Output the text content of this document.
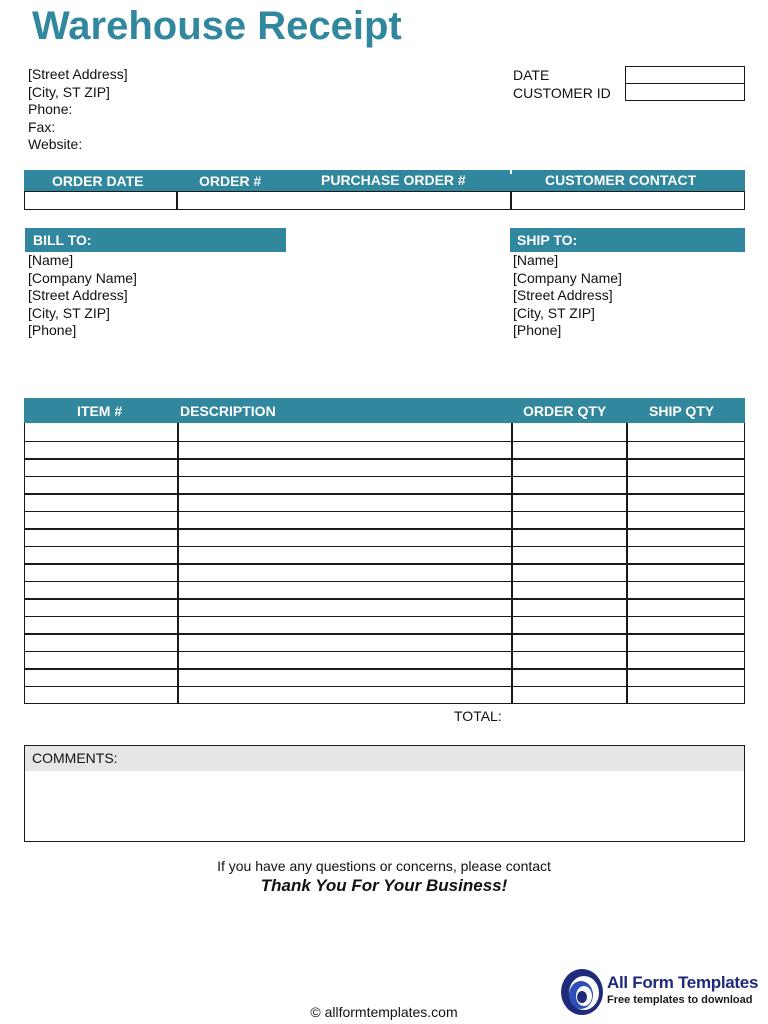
Warehouse Receipt
[Street Address]
[City, ST ZIP]
Phone:
Fax:
Website:
DATE
CUSTOMER ID
ORDER DATE	ORDER #	PURCHASE ORDER #	CUSTOMER CONTACT
BILL TO:	SHIP TO:
[Name]
[Company Name]
[Street Address]
[City, ST ZIP]
[Phone]
[Name]
[Company Name]
[Street Address]
[City, ST ZIP]
[Phone]
ITEM #	DESCRIPTION	ORDER QTY	SHIP QTY
TOTAL:
COMMENTS:
If you have any questions or concerns, please contact
Thank You For Your Business!
All Form Templates
Free templates to download
© allformtemplates.com
